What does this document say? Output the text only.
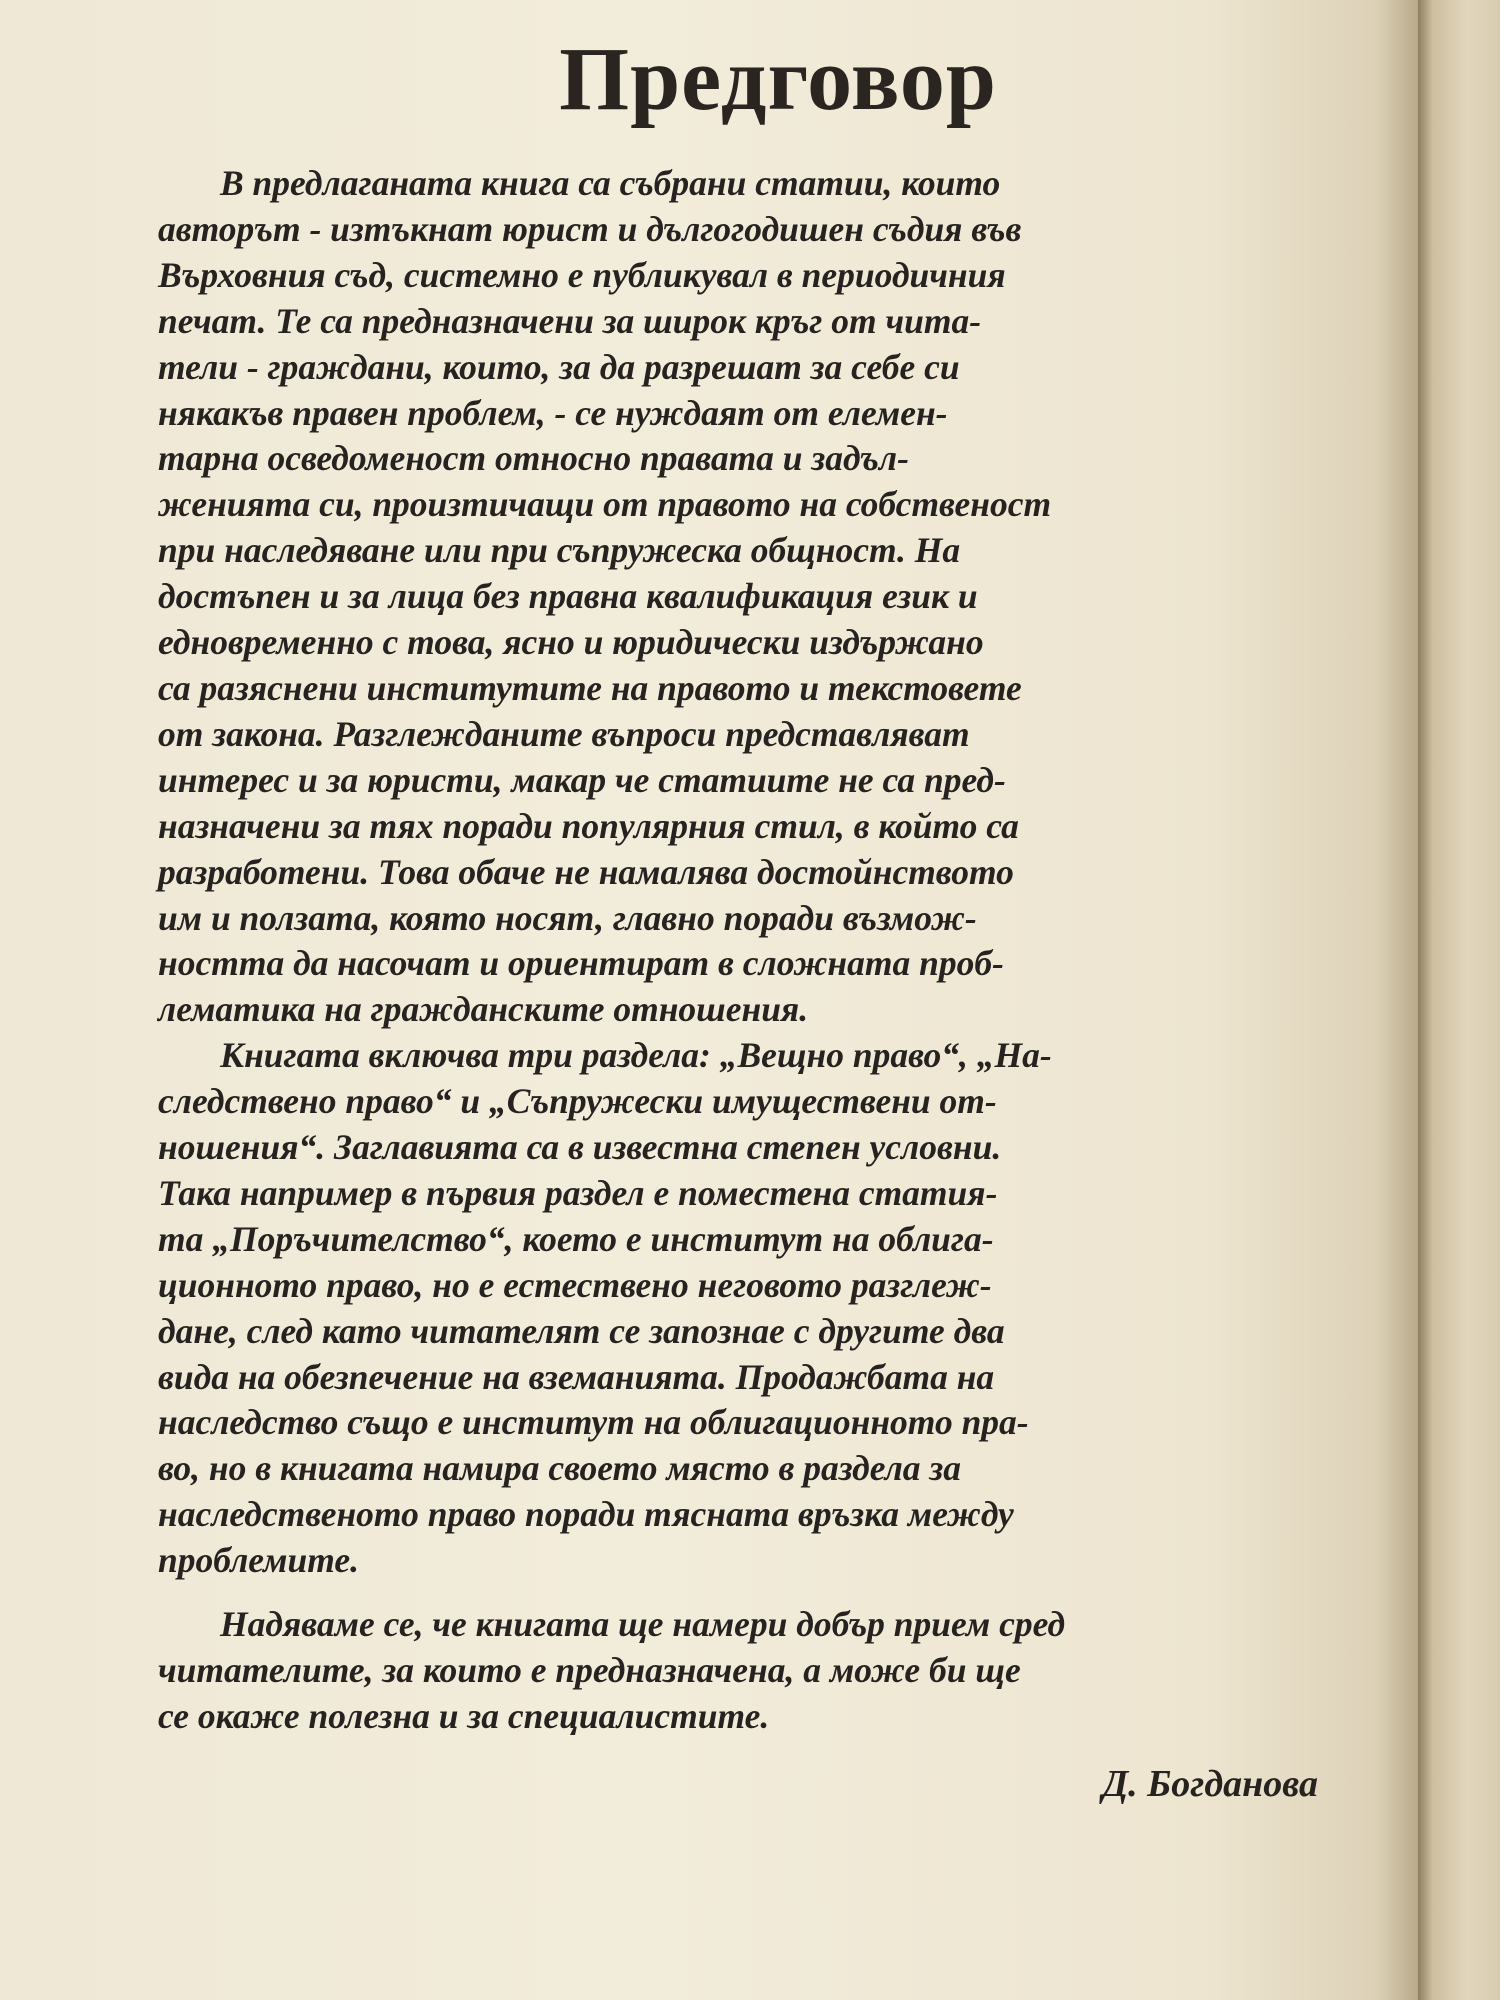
Предговор
В предлаганата книга са събрани статии, които
авторът - изтъкнат юрист и дългогодишен съдия във
Върховния съд, системно е публикувал в периодичния
печат. Те са предназначени за широк кръг от чита-
тели - граждани, които, за да разрешат за себе си
някакъв правен проблем, - се нуждаят от елемен-
тарна осведоменост относно правата и задъл-
женията си, произтичащи от правото на собственост
при наследяване или при съпружеска общност. На
достъпен и за лица без правна квалификация език и
едновременно с това, ясно и юридически издържано
са разяснени институтите на правото и текстовете
от закона. Разглежданите въпроси представляват
интерес и за юристи, макар че статиите не са пред-
назначени за тях поради популярния стил, в който са
разработени. Това обаче не намалява достойнството
им и ползата, която носят, главно поради възмож-
ността да насочат и ориентират в сложната проб-
лематика на гражданските отношения.
Книгата включва три раздела: „Вещно право“, „На-
следствено право“ и „Съпружески имуществени от-
ношения“. Заглавията са в известна степен условни.
Така например в първия раздел е поместена статия-
та „Поръчителство“, което е институт на облига-
ционното право, но е естествено неговото разглеж-
дане, след като читателят се запознае с другите два
вида на обезпечение на вземанията. Продажбата на
наследство също е институт на облигационното пра-
во, но в книгата намира своето място в раздела за
наследственото право поради тясната връзка между
проблемите.
Надяваме се, че книгата ще намери добър прием сред
читателите, за които е предназначена, а може би ще
се окаже полезна и за специалистите.
Д. Богданова
